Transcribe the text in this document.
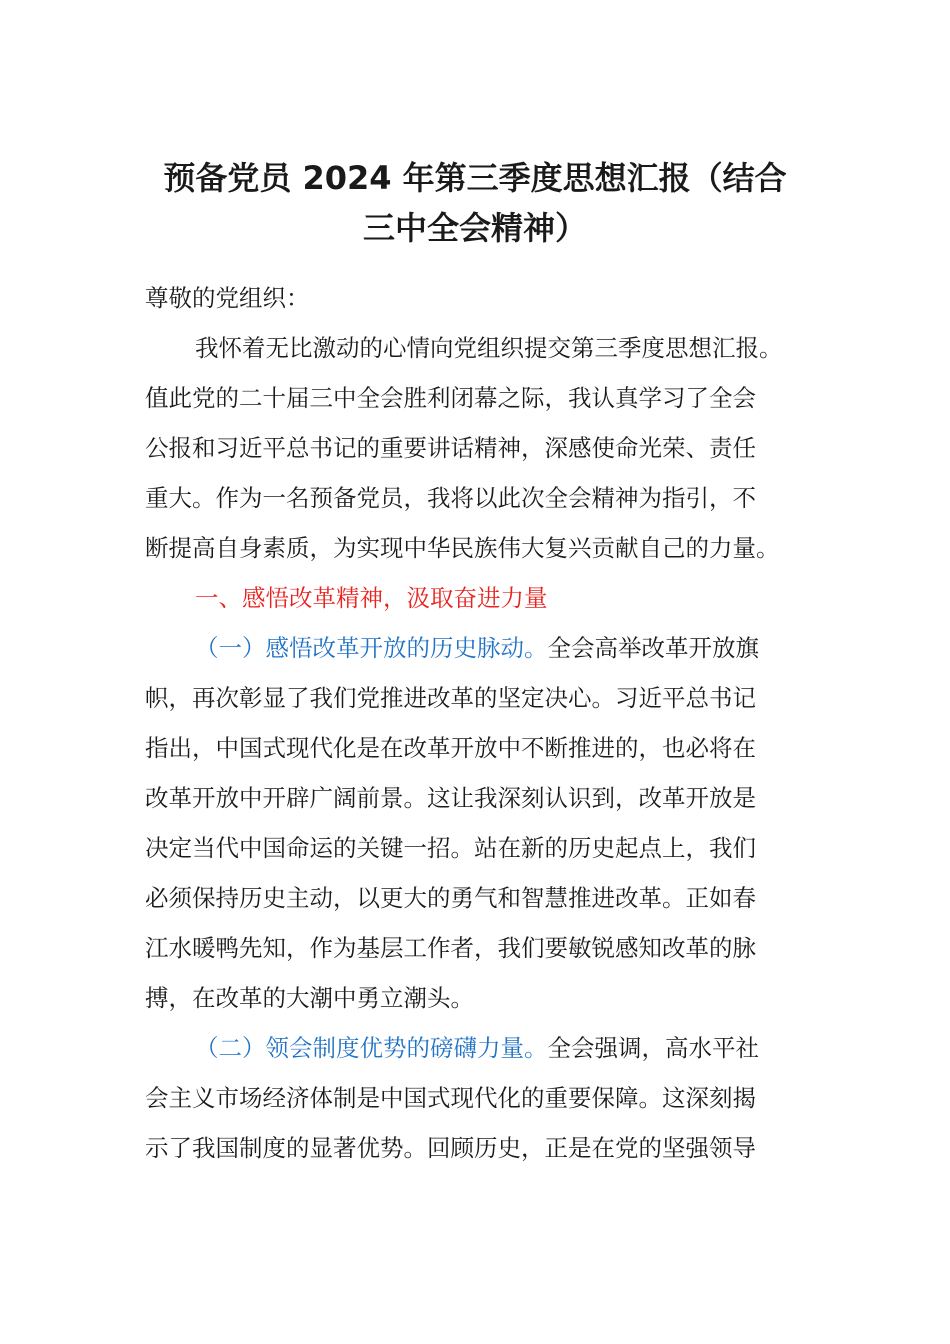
预备党员 2024 年第三季度思想汇报（结合
三中全会精神）
尊敬的党组织：
我怀着无比激动的心情向党组织提交第三季度思想汇报。
值此党的二十届三中全会胜利闭幕之际，我认真学习了全会
公报和习近平总书记的重要讲话精神，深感使命光荣、责任
重大。作为一名预备党员，我将以此次全会精神为指引，不
断提高自身素质，为实现中华民族伟大复兴贡献自己的力量。
一、感悟改革精神，汲取奋进力量
（一）感悟改革开放的历史脉动。全会高举改革开放旗
帜，再次彰显了我们党推进改革的坚定决心。习近平总书记
指出，中国式现代化是在改革开放中不断推进的，也必将在
改革开放中开辟广阔前景。这让我深刻认识到，改革开放是
决定当代中国命运的关键一招。站在新的历史起点上，我们
必须保持历史主动，以更大的勇气和智慧推进改革。正如春
江水暖鸭先知，作为基层工作者，我们要敏锐感知改革的脉
搏，在改革的大潮中勇立潮头。
（二）领会制度优势的磅礴力量。全会强调，高水平社
会主义市场经济体制是中国式现代化的重要保障。这深刻揭
示了我国制度的显著优势。回顾历史，正是在党的坚强领导
